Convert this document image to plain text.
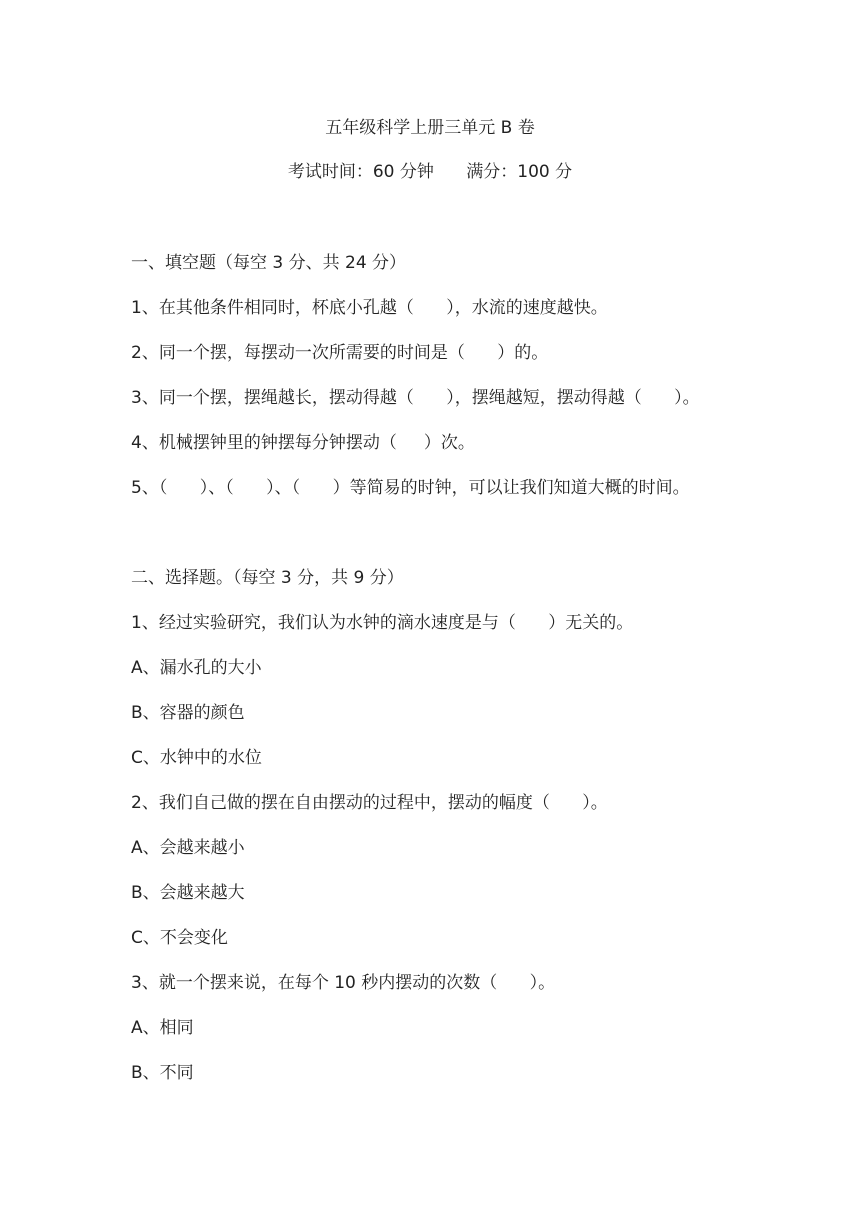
五年级科学上册三单元 B 卷
考试时间：60 分钟      满分：100 分
一、填空题（每空 3 分、共 24 分）
1、在其他条件相同时，杯底小孔越（      ），水流的速度越快。
2、同一个摆，每摆动一次所需要的时间是（      ）的。
3、同一个摆，摆绳越长，摆动得越（      ），摆绳越短，摆动得越（      ）。
4、机械摆钟里的钟摆每分钟摆动（     ）次。
5、（      ）、（      ）、（      ）等简易的时钟，可以让我们知道大概的时间。
二、选择题。（每空 3 分，共 9 分）
1、经过实验研究，我们认为水钟的滴水速度是与（      ）无关的。
A、漏水孔的大小
B、容器的颜色
C、水钟中的水位
2、我们自己做的摆在自由摆动的过程中，摆动的幅度（      ）。
A、会越来越小
B、会越来越大
C、不会变化
3、就一个摆来说，在每个 10 秒内摆动的次数（      ）。
A、相同
B、不同
